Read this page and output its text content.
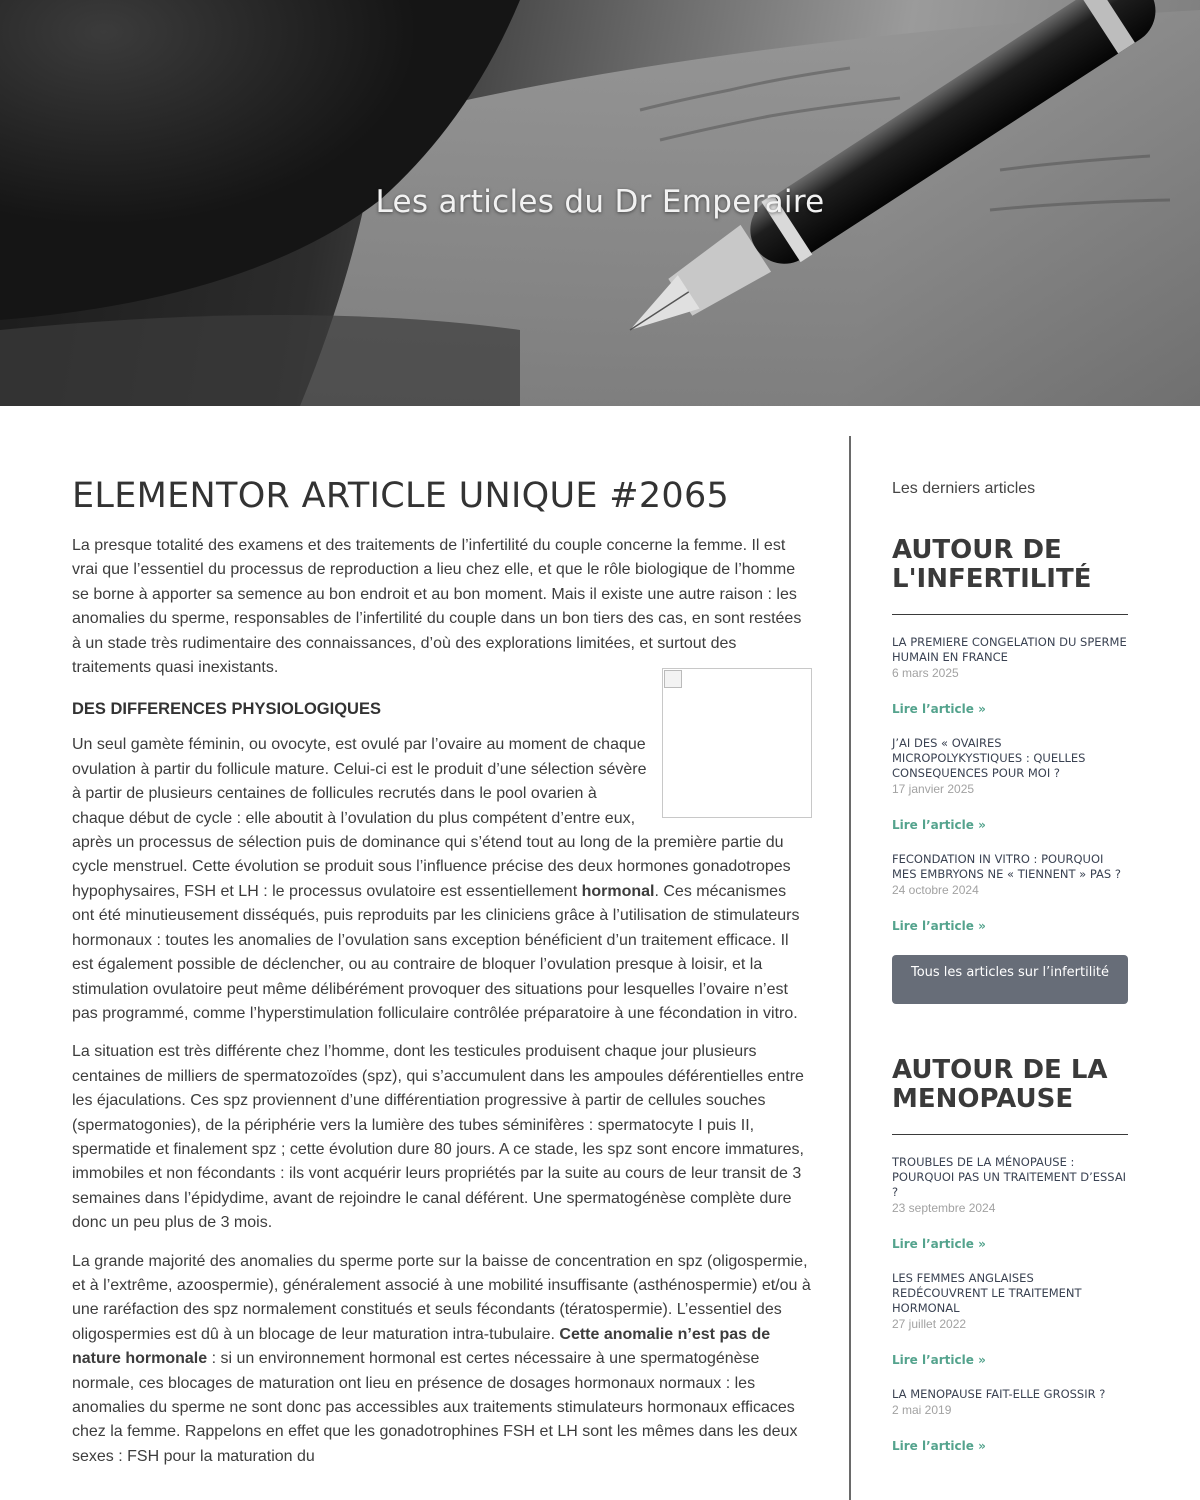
Les articles du Dr Emperaire
ELEMENTOR ARTICLE UNIQUE #2065

La presque totalité des examens et des traitements de l’infertilité du couple concerne la femme. Il est vrai que l’essentiel du processus de reproduction a lieu chez elle, et que le rôle biologique de l’homme se borne à apporter sa semence au bon endroit et au bon moment. Mais il existe une autre raison : les anomalies du sperme, responsables de l’infertilité du couple dans un bon tiers des cas, en sont restées à un stade très rudimentaire des connaissances, d’où des explorations limitées, et surtout des traitements quasi inexistants.

DES DIFFERENCES PHYSIOLOGIQUES

Un seul gamète féminin, ou ovocyte, est ovulé par l’ovaire au moment de chaque ovulation à partir du follicule mature. Celui-ci est le produit d’une sélection sévère à partir de plusieurs centaines de follicules recrutés dans le pool ovarien à chaque début de cycle : elle aboutit à l’ovulation du plus compétent d’entre eux, après un processus de sélection puis de dominance qui s’étend tout au long de la première partie du cycle menstruel. Cette évolution se produit sous l’influence précise des deux hormones gonadotropes hypophysaires, FSH et LH : le processus ovulatoire est essentiellement hormonal. Ces mécanismes ont été minutieusement disséqués, puis reproduits par les cliniciens grâce à l’utilisation de stimulateurs hormonaux : toutes les anomalies de l’ovulation sans exception bénéficient d’un traitement efficace. Il est également possible de déclencher, ou au contraire de bloquer l’ovulation presque à loisir, et la stimulation ovulatoire peut même délibérément provoquer des situations pour lesquelles l’ovaire n’est pas programmé, comme l’hyperstimulation folliculaire contrôlée préparatoire à une fécondation in vitro.

La situation est très différente chez l’homme, dont les testicules produisent chaque jour plusieurs centaines de milliers de spermatozoïdes (spz), qui s’accumulent dans les ampoules déférentielles entre les éjaculations. Ces spz proviennent d’une différentiation progressive à partir de cellules souches (spermatogonies), de la périphérie vers la lumière des tubes séminifères : spermatocyte I puis II, spermatide et finalement spz ; cette évolution dure 80 jours. A ce stade, les spz sont encore immatures, immobiles et non fécondants : ils vont acquérir leurs propriétés par la suite au cours de leur transit de 3 semaines dans l’épidydime, avant de rejoindre le canal déférent. Une spermatogénèse complète dure donc un peu plus de 3 mois.

La grande majorité des anomalies du sperme porte sur la baisse de concentration en spz (oligospermie, et à l’extrême, azoospermie), généralement associé à une mobilité insuffisante (asthénospermie) et/ou à une raréfaction des spz normalement constitués et seuls fécondants (tératospermie). L’essentiel des oligospermies est dû à un blocage de leur maturation intra-tubulaire. Cette anomalie n’est pas de nature hormonale : si un environnement hormonal est certes nécessaire à une spermatogénèse normale, ces blocages de maturation ont lieu en présence de dosages hormonaux normaux : les anomalies du sperme ne sont donc pas accessibles aux traitements stimulateurs hormonaux efficaces chez la femme. Rappelons en effet que les gonadotrophines FSH et LH sont les mêmes dans les deux sexes : FSH pour la maturation du

Les derniers articles
AUTOUR DE L'INFERTILITÉ
LA PREMIERE CONGELATION DU SPERME HUMAIN EN FRANCE
6 mars 2025
Lire l’article »
J’AI DES « OVAIRES MICROPOLYKYSTIQUES : QUELLES CONSEQUENCES POUR MOI ?
17 janvier 2025
Lire l’article »
FECONDATION IN VITRO : POURQUOI MES EMBRYONS NE « TIENNENT » PAS ?
24 octobre 2024
Lire l’article »
Tous les articles sur l’infertilité
AUTOUR DE LA MENOPAUSE
TROUBLES DE LA MÉNOPAUSE : POURQUOI PAS UN TRAITEMENT D’ESSAI ?
23 septembre 2024
Lire l’article »
LES FEMMES ANGLAISES REDÉCOUVRENT LE TRAITEMENT HORMONAL
27 juillet 2022
Lire l’article »
LA MENOPAUSE FAIT-ELLE GROSSIR ?
2 mai 2019
Lire l’article »
